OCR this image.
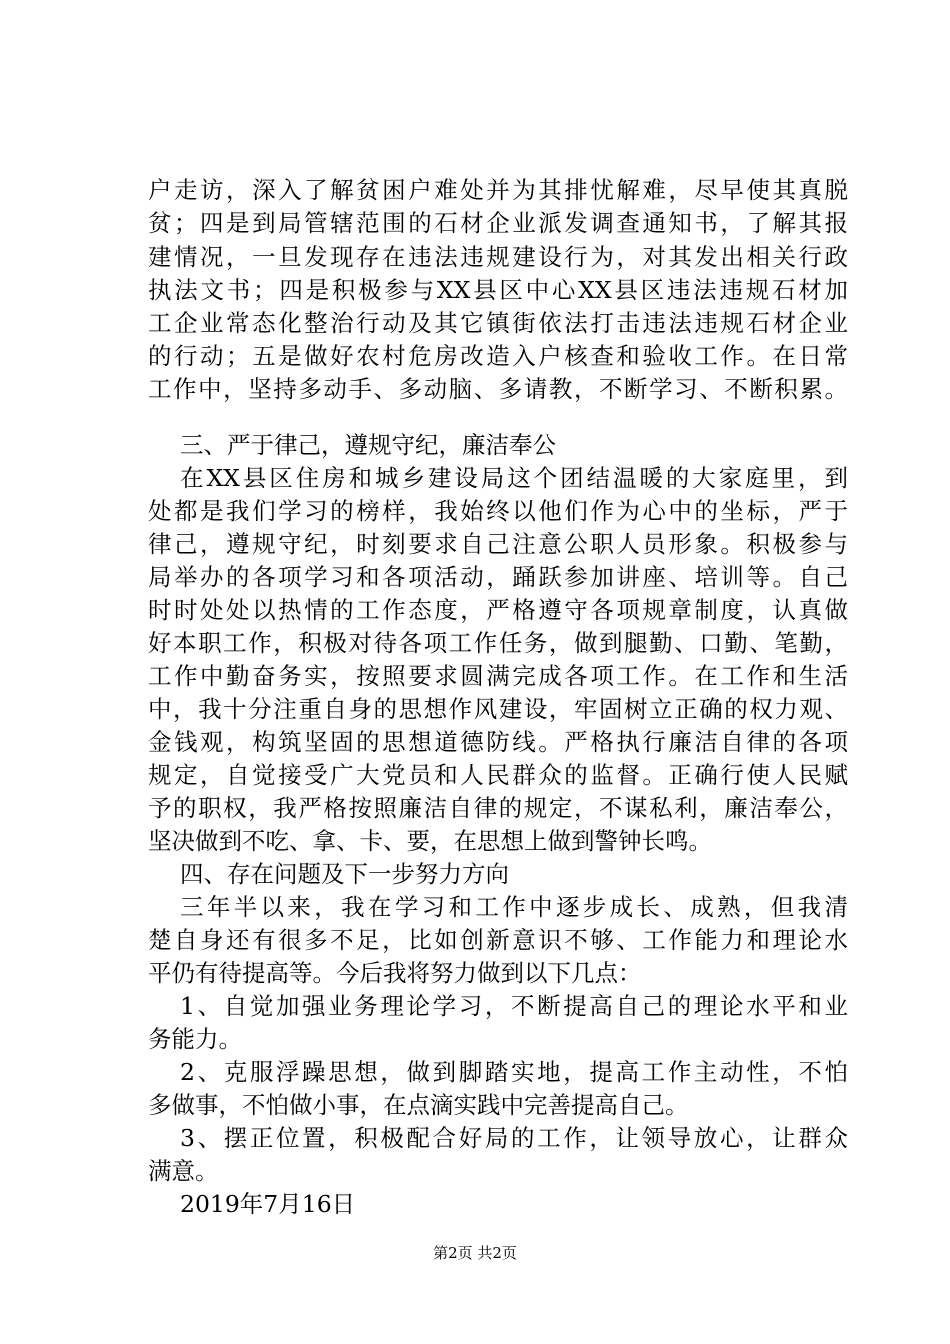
户走访，深入了解贫困户难处并为其排忧解难，尽早使其真脱
贫；四是到局管辖范围的石材企业派发调查通知书，了解其报
建情况，一旦发现存在违法违规建设行为，对其发出相关行政
执法文书；四是积极参与XX县区中心XX县区违法违规石材加
工企业常态化整治行动及其它镇街依法打击违法违规石材企业
的行动；五是做好农村危房改造入户核查和验收工作。在日常
工作中，坚持多动手、多动脑、多请教，不断学习、不断积累。
三、严于律己，遵规守纪，廉洁奉公
在XX县区住房和城乡建设局这个团结温暖的大家庭里，到
处都是我们学习的榜样，我始终以他们作为心中的坐标，严于
律己，遵规守纪，时刻要求自己注意公职人员形象。积极参与
局举办的各项学习和各项活动，踊跃参加讲座、培训等。自己
时时处处以热情的工作态度，严格遵守各项规章制度，认真做
好本职工作，积极对待各项工作任务，做到腿勤、口勤、笔勤，
工作中勤奋务实，按照要求圆满完成各项工作。在工作和生活
中，我十分注重自身的思想作风建设，牢固树立正确的权力观、
金钱观，构筑坚固的思想道德防线。严格执行廉洁自律的各项
规定，自觉接受广大党员和人民群众的监督。正确行使人民赋
予的职权，我严格按照廉洁自律的规定，不谋私利，廉洁奉公，
坚决做到不吃、拿、卡、要，在思想上做到警钟长鸣。
四、存在问题及下一步努力方向
三年半以来，我在学习和工作中逐步成长、成熟，但我清
楚自身还有很多不足，比如创新意识不够、工作能力和理论水
平仍有待提高等。今后我将努力做到以下几点：
1、自觉加强业务理论学习，不断提高自己的理论水平和业
务能力。
2、克服浮躁思想，做到脚踏实地，提高工作主动性，不怕
多做事，不怕做小事，在点滴实践中完善提高自己。
3、摆正位置，积极配合好局的工作，让领导放心，让群众
满意。
2019年7月16日
第2页 共2页
